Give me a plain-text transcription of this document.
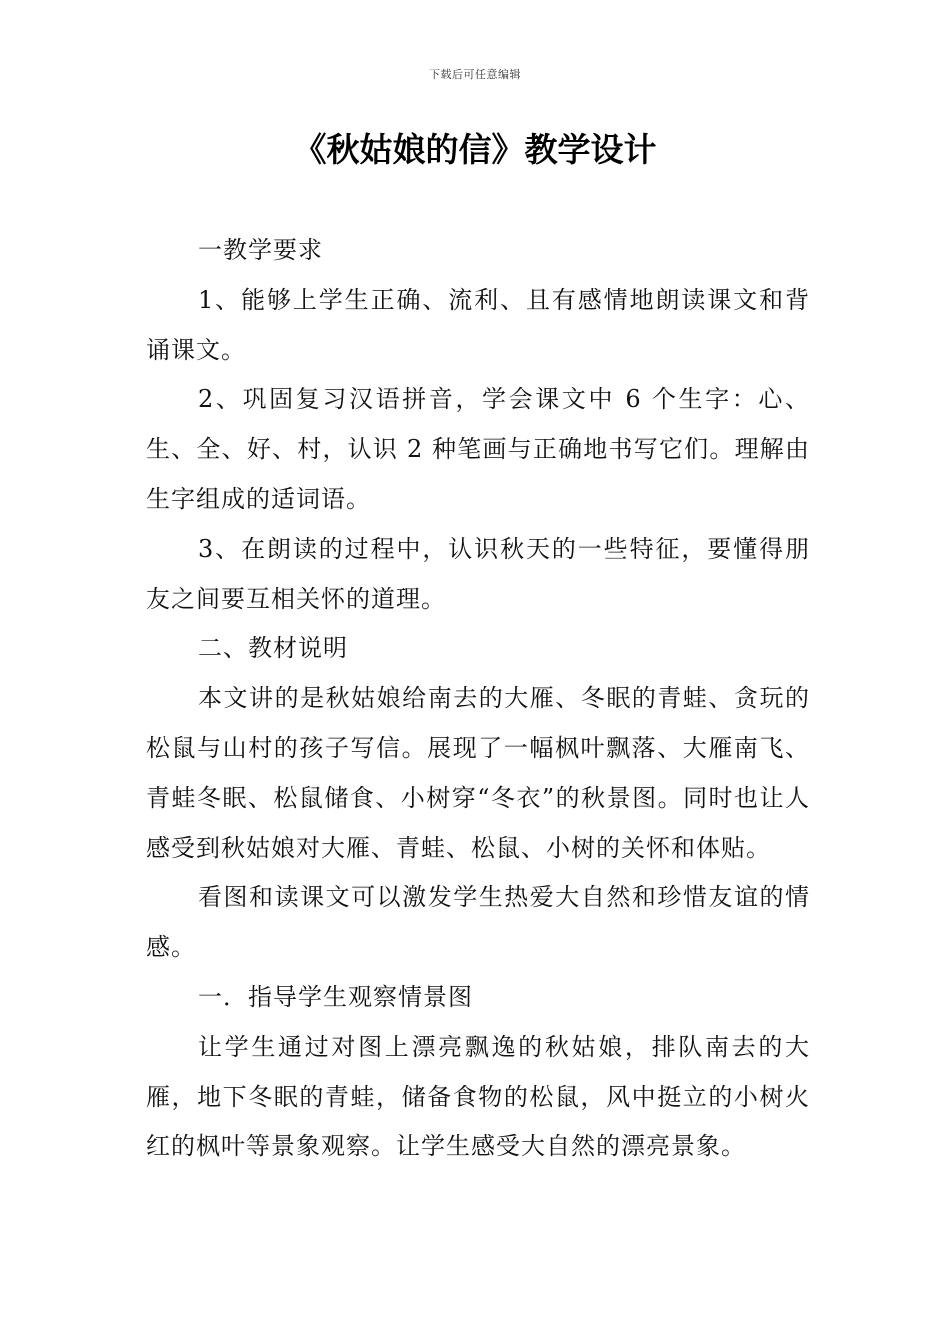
下载后可任意编辑
《秋姑娘的信》教学设计

一教学要求

1、能够上学生正确、流利、且有感情地朗读课文和背诵课文。

2、巩固复习汉语拼音，学会课文中 6 个生字：心、生、全、好、村，认识 2 种笔画与正确地书写它们。理解由生字组成的适词语。

3、在朗读的过程中，认识秋天的一些特征，要懂得朋友之间要互相关怀的道理。

二、教材说明

本文讲的是秋姑娘给南去的大雁、冬眠的青蛙、贪玩的松鼠与山村的孩子写信。展现了一幅枫叶飘落、大雁南飞、青蛙冬眠、松鼠储食、小树穿“冬衣”的秋景图。同时也让人感受到秋姑娘对大雁、青蛙、松鼠、小树的关怀和体贴。

看图和读课文可以激发学生热爱大自然和珍惜友谊的情感。

一．指导学生观察情景图

让学生通过对图上漂亮飘逸的秋姑娘，排队南去的大雁，地下冬眠的青蛙，储备食物的松鼠，风中挺立的小树火红的枫叶等景象观察。让学生感受大自然的漂亮景象。
